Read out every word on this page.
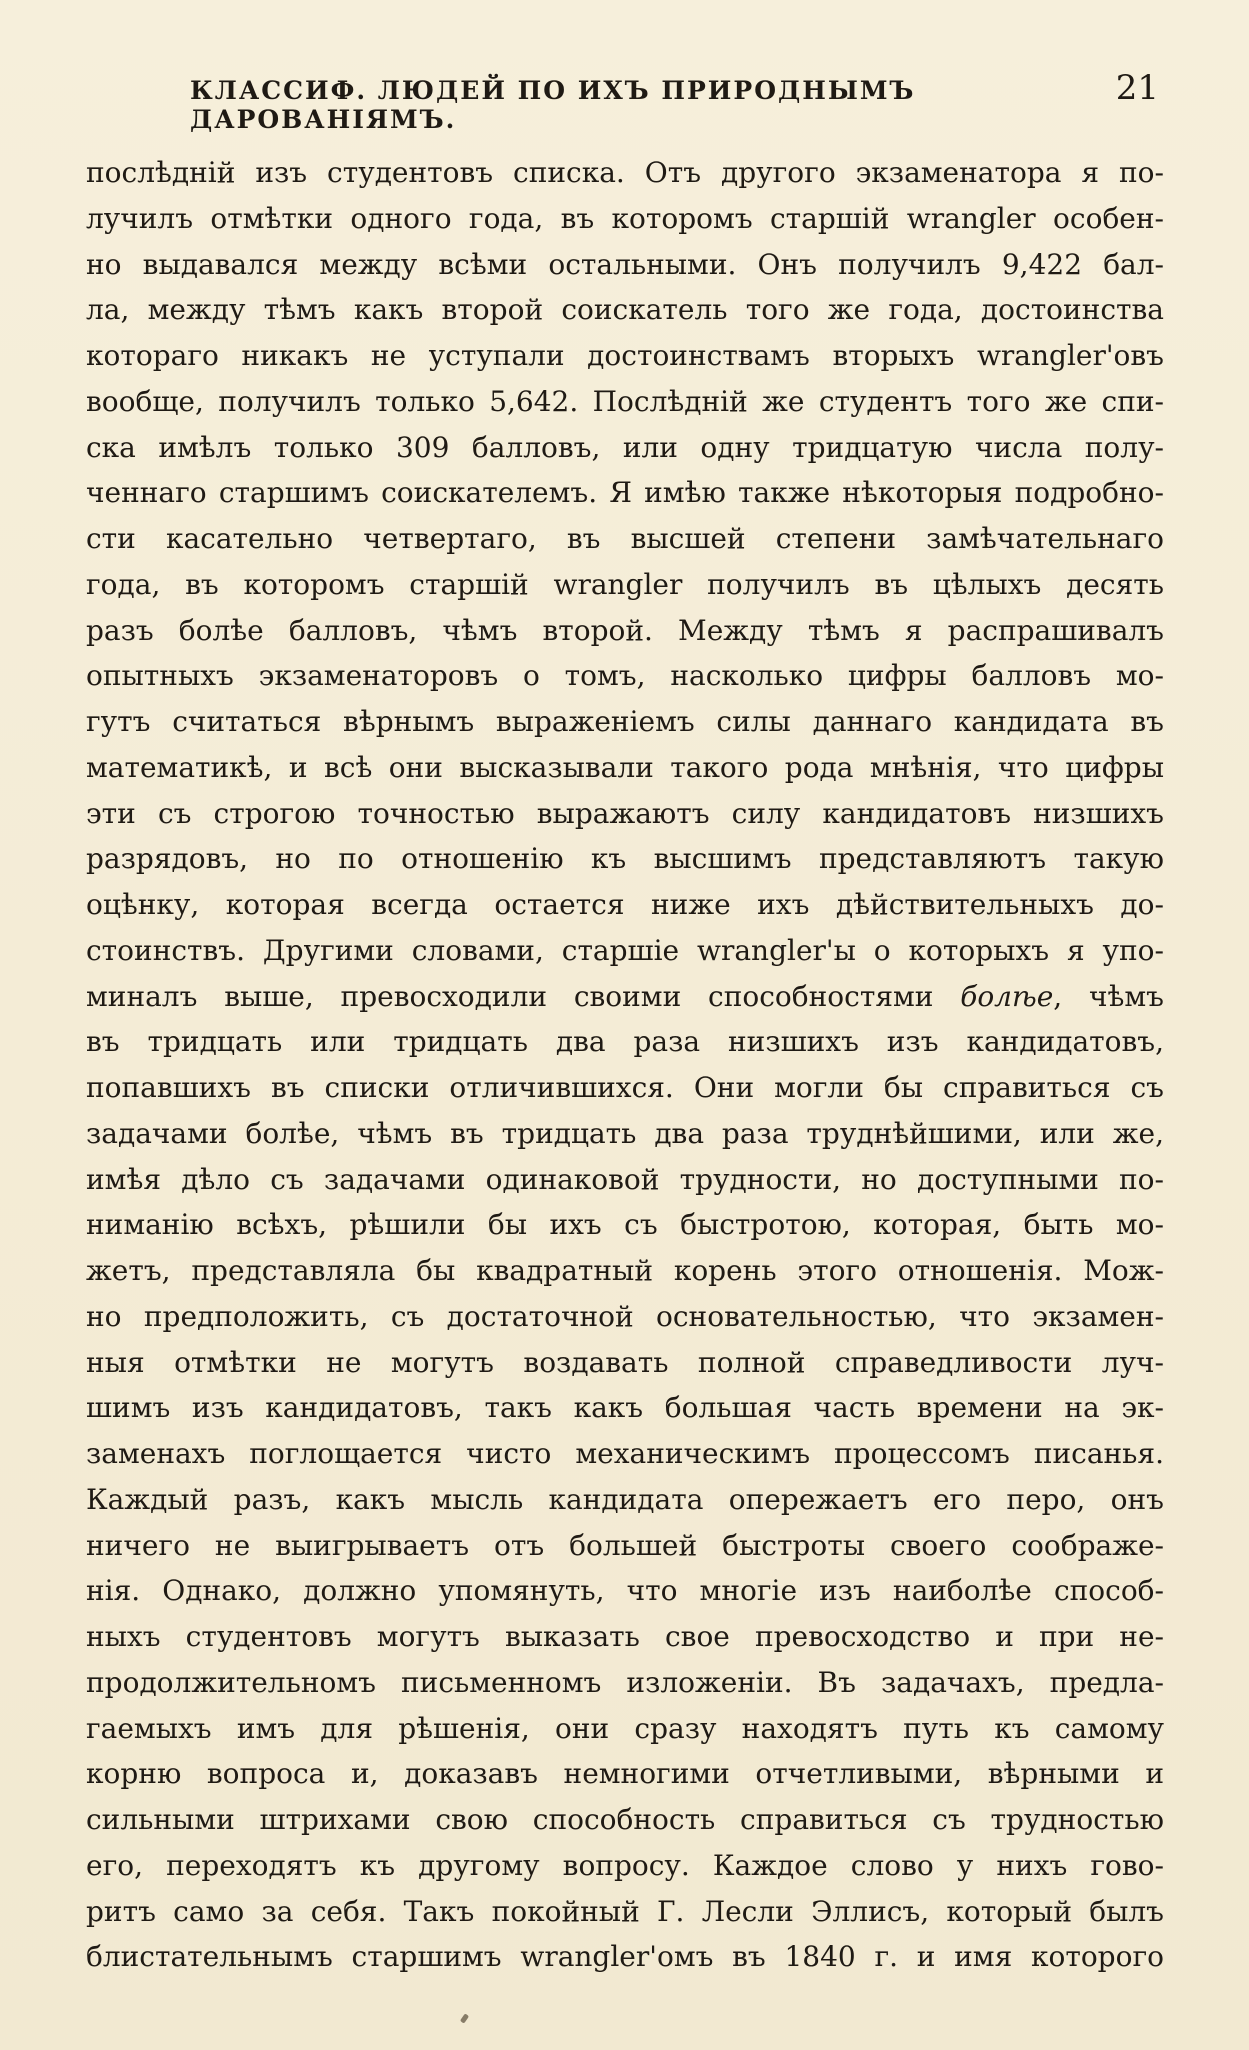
КЛАССИФ. ЛЮДЕЙ ПО ИХЪ ПРИРОДНЫМЪ ДАРОВАНІЯМЪ.
21
послѣдній изъ студентовъ списка. Отъ другого экзаменатора я по-
лучилъ отмѣтки одного года, въ которомъ старшій wrangler особен-
но выдавался между всѣми остальными. Онъ получилъ 9,422 бал-
ла, между тѣмъ какъ второй соискатель того же года, достоинства
котораго никакъ не уступали достоинствамъ вторыхъ wrangler'овъ
вообще, получилъ только 5,642. Послѣдній же студентъ того же спи-
ска имѣлъ только 309 балловъ, или одну тридцатую числа полу-
ченнаго старшимъ соискателемъ. Я имѣю также нѣкоторыя подробно-
сти касательно четвертаго, въ высшей степени замѣчательнаго
года, въ которомъ старшій wrangler получилъ въ цѣлыхъ десять
разъ болѣе балловъ, чѣмъ второй. Между тѣмъ я распрашивалъ
опытныхъ экзаменаторовъ о томъ, насколько цифры балловъ мо-
гутъ считаться вѣрнымъ выраженіемъ силы даннаго кандидата въ
математикѣ, и всѣ они высказывали такого рода мнѣнія, что цифры
эти съ строгою точностью выражаютъ силу кандидатовъ низшихъ
разрядовъ, но по отношенію къ высшимъ представляютъ такую
оцѣнку, которая всегда остается ниже ихъ дѣйствительныхъ до-
стоинствъ. Другими словами, старшіе wrangler'ы о которыхъ я упо-
миналъ выше, превосходили своими способностями болѣе, чѣмъ
въ тридцать или тридцать два раза низшихъ изъ кандидатовъ,
попавшихъ въ списки отличившихся. Они могли бы справиться съ
задачами болѣе, чѣмъ въ тридцать два раза труднѣйшими, или же,
имѣя дѣло съ задачами одинаковой трудности, но доступными по-
ниманію всѣхъ, рѣшили бы ихъ съ быстротою, которая, быть мо-
жетъ, представляла бы квадратный корень этого отношенія. Мож-
но предположить, съ достаточной основательностью, что экзамен-
ныя отмѣтки не могутъ воздавать полной справедливости луч-
шимъ изъ кандидатовъ, такъ какъ большая часть времени на эк-
заменахъ поглощается чисто механическимъ процессомъ писанья.
Каждый разъ, какъ мысль кандидата опережаетъ его перо, онъ
ничего не выигрываетъ отъ большей быстроты своего соображе-
нія. Однако, должно упомянуть, что многіе изъ наиболѣе способ-
ныхъ студентовъ могутъ выказать свое превосходство и при не-
продолжительномъ письменномъ изложеніи. Въ задачахъ, предла-
гаемыхъ имъ для рѣшенія, они сразу находятъ путь къ самому
корню вопроса и, доказавъ немногими отчетливыми, вѣрными и
сильными штрихами свою способность справиться съ трудностью
его, переходятъ къ другому вопросу. Каждое слово у нихъ гово-
ритъ само за себя. Такъ покойный Г. Лесли Эллисъ, который былъ
блистательнымъ старшимъ wrangler'омъ въ 1840 г. и имя которого
